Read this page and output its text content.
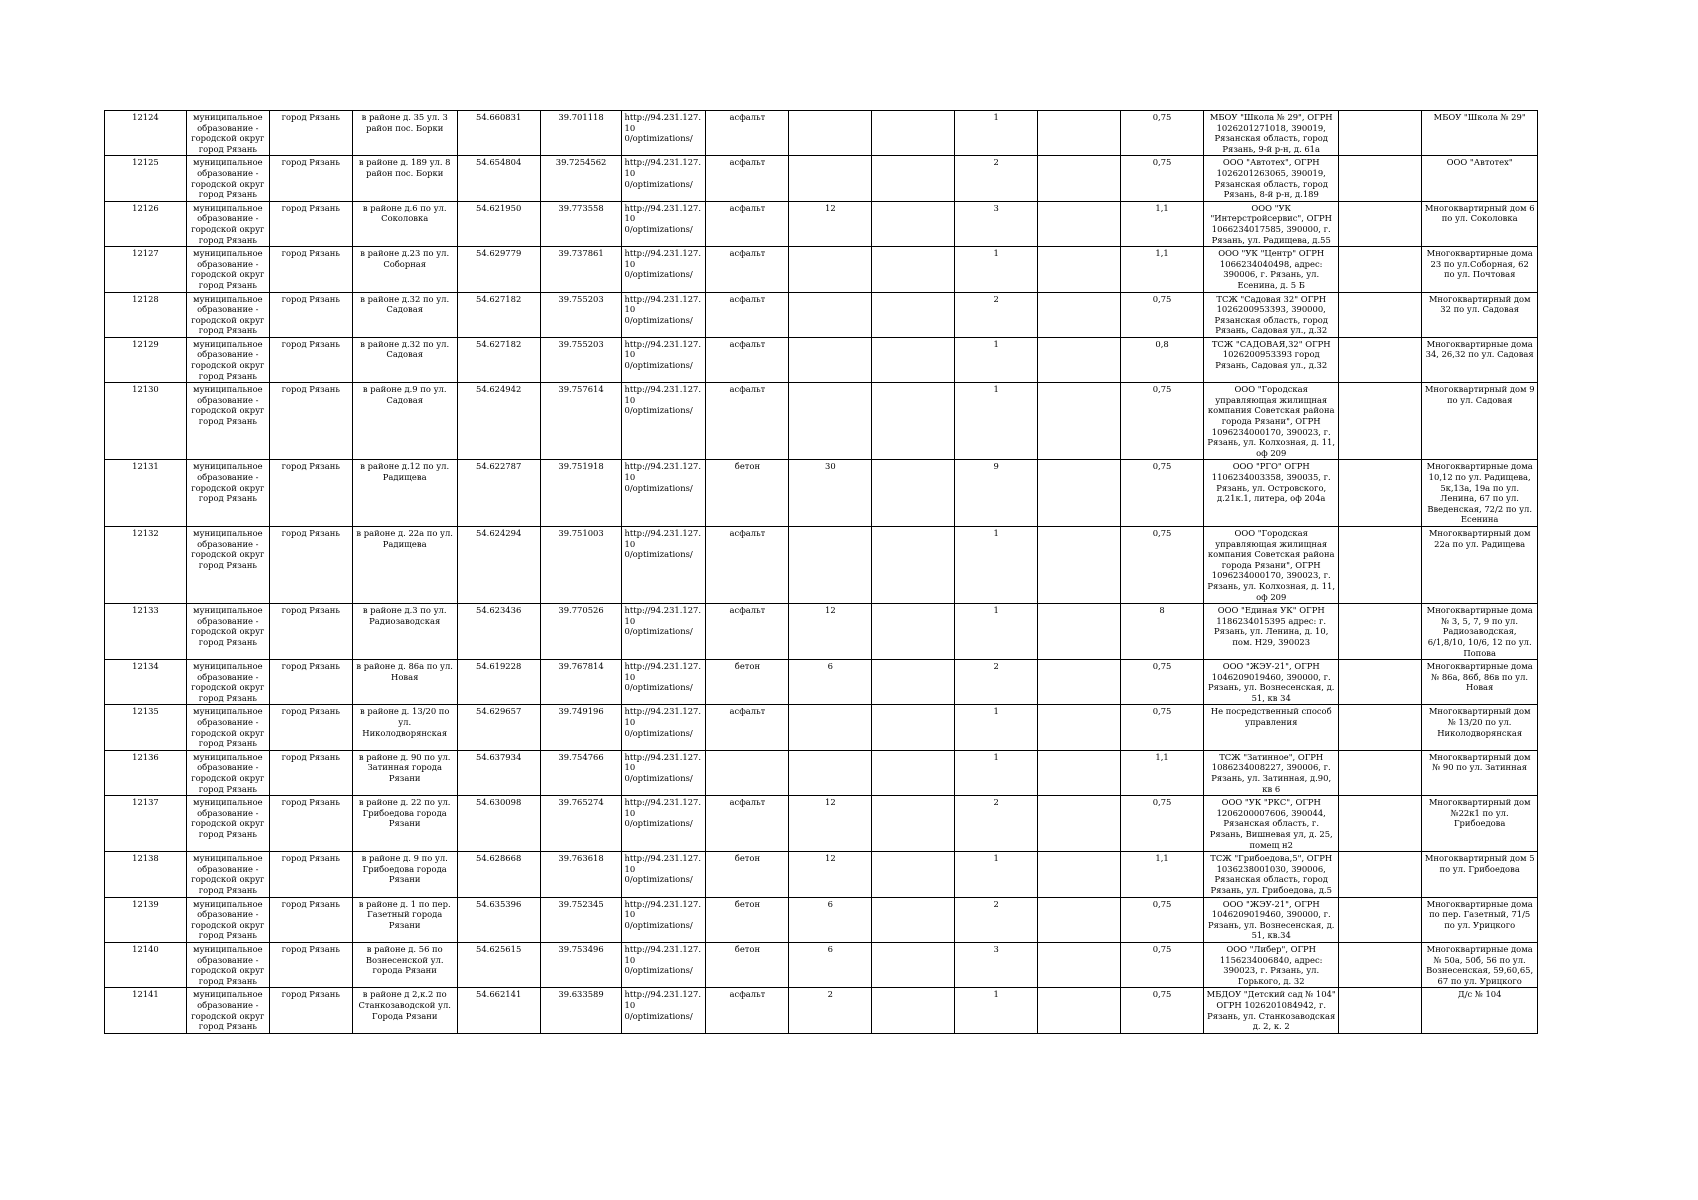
12124	муниципальное образование - городской округ город Рязань	город Рязань	в районе д. 35 ул. 3 район пос. Борки	54.660831	39.701118	http://94.231.127.10 0/optimizations/	асфальт			1		0,75	МБОУ "Школа № 29", ОГРН 1026201271018, 390019, Рязанская область, город Рязань, 9-й р-н, д. 61а		МБОУ "Школа № 29"
12125	муниципальное образование - городской округ город Рязань	город Рязань	в районе д. 189 ул. 8 район пос. Борки	54.654804	39.7254562	http://94.231.127.10 0/optimizations/	асфальт			2		0,75	ООО "Автотех", ОГРН 1026201263065, 390019, Рязанская область, город Рязань, 8-й р-н, д.189		ООО "Автотех"
12126	муниципальное образование - городской округ город Рязань	город Рязань	в районе д.6 по ул. Соколовка	54.621950	39.773558	http://94.231.127.10 0/optimizations/	асфальт	12		3		1,1	ООО "УК "Интерстройсервис", ОГРН 1066234017585, 390000, г. Рязань, ул. Радищева, д.55		Многоквартирный дом 6 по ул. Соколовка
12127	муниципальное образование - городской округ город Рязань	город Рязань	в районе д.23 по ул. Соборная	54.629779	39.737861	http://94.231.127.10 0/optimizations/	асфальт			1		1,1	ООО "УК "Центр" ОГРН 1066234040498, адрес: 390006, г. Рязань, ул. Есенина, д. 5 Б		Многоквартирные дома 23 по ул.Соборная, 62 по ул. Почтовая
12128	муниципальное образование - городской округ город Рязань	город Рязань	в районе д.32 по ул. Садовая	54.627182	39.755203	http://94.231.127.10 0/optimizations/	асфальт			2		0,75	ТСЖ "Садовая 32" ОГРН 1026200953393, 390000, Рязанская область, город Рязань, Садовая ул., д.32		Многоквартирный дом 32 по ул. Садовая
12129	муниципальное образование - городской округ город Рязань	город Рязань	в районе д.32 по ул. Садовая	54.627182	39.755203	http://94.231.127.10 0/optimizations/	асфальт			1		0,8	ТСЖ "САДОВАЯ,32" ОГРН 1026200953393 город Рязань, Садовая ул., д.32		Многоквартирные дома 34, 26,32 по ул. Садовая
12130	муниципальное образование - городской округ город Рязань	город Рязань	в районе д.9 по ул. Садовая	54.624942	39.757614	http://94.231.127.10 0/optimizations/	асфальт			1		0,75	ООО "Городская управляющая жилищная компания Советская района города Рязани", ОГРН 1096234000170, 390023, г. Рязань, ул. Колхозная, д. 11, оф 209		Многоквартирный дом 9 по ул. Садовая
12131	муниципальное образование - городской округ город Рязань	город Рязань	в районе д.12 по ул. Радищева	54.622787	39.751918	http://94.231.127.10 0/optimizations/	бетон	30		9		0,75	ООО "РГО" ОГРН 1106234003358, 390035, г. Рязань, ул. Островского, д.21к.1, литера, оф 204а		Многоквартирные дома 10,12 по ул. Радищева, 5к,13а, 19а по ул. Ленина, 67 по ул. Введенская, 72/2 по ул. Есенина
12132	муниципальное образование - городской округ город Рязань	город Рязань	в районе д. 22а по ул. Радищева	54.624294	39.751003	http://94.231.127.10 0/optimizations/	асфальт			1		0,75	ООО "Городская управляющая жилищная компания Советская района города Рязани", ОГРН 1096234000170, 390023, г. Рязань, ул. Колхозная, д. 11, оф 209		Многоквартирный дом 22а по ул. Радищева
12133	муниципальное образование - городской округ город Рязань	город Рязань	в районе д.3 по ул. Радиозаводская	54.623436	39.770526	http://94.231.127.10 0/optimizations/	асфальт	12		1		8	ООО "Единая УК" ОГРН 1186234015395 адрес: г. Рязань, ул. Ленина, д. 10, пом. Н29, 390023		Многоквартирные дома № 3, 5, 7, 9 по ул. Радиозаводская, 6/1,8/10, 10/6, 12 по ул. Попова
12134	муниципальное образование - городской округ город Рязань	город Рязань	в районе д. 86а по ул. Новая	54.619228	39.767814	http://94.231.127.10 0/optimizations/	бетон	6		2		0,75	ООО "ЖЭУ-21", ОГРН 1046209019460, 390000, г. Рязань, ул. Вознесенская, д. 51, кв 34		Многоквартирные дома № 86а, 86б, 86в по ул. Новая
12135	муниципальное образование - городской округ город Рязань	город Рязань	в районе д. 13/20 по ул. Николодворянская	54.629657	39.749196	http://94.231.127.10 0/optimizations/	асфальт			1		0,75	Не посредственный способ управления		Многоквартирный дом № 13/20 по ул. Николодворянская
12136	муниципальное образование - городской округ город Рязань	город Рязань	в районе д. 90 по ул. Затинная города Рязани	54.637934	39.754766	http://94.231.127.10 0/optimizations/				1		1,1	ТСЖ "Затинное", ОГРН 1086234008227, 390006, г. Рязань, ул. Затинная, д.90, кв 6		Многоквартирный дом № 90 по ул. Затинная
12137	муниципальное образование - городской округ город Рязань	город Рязань	в районе д. 22 по ул. Грибоедова города Рязани	54.630098	39.765274	http://94.231.127.10 0/optimizations/	асфальт	12		2		0,75	ООО "УК "РКС", ОГРН 1206200007606, 390044, Рязанская область, г. Рязань, Вишневая ул, д. 25, помещ н2		Многоквартирный дом №22к1 по ул. Грибоедова
12138	муниципальное образование - городской округ город Рязань	город Рязань	в районе д. 9 по ул. Грибоедова города Рязани	54.628668	39.763618	http://94.231.127.10 0/optimizations/	бетон	12		1		1,1	ТСЖ "Грибоедова,5", ОГРН 1036238001030, 390006, Рязанская область, город Рязань, ул. Грибоедова, д.5		Многоквартирный дом 5 по ул. Грибоедова
12139	муниципальное образование - городской округ город Рязань	город Рязань	в районе д. 1 по пер. Газетный города Рязани	54.635396	39.752345	http://94.231.127.10 0/optimizations/	бетон	6		2		0,75	ООО "ЖЭУ-21", ОГРН 1046209019460, 390000, г. Рязань, ул. Вознесенская, д. 51, кв.34		Многоквартирные дома по пер. Газетный, 71/5 по ул. Урицкого
12140	муниципальное образование - городской округ город Рязань	город Рязань	в районе д. 56 по Вознесенской ул. города Рязани	54.625615	39.753496	http://94.231.127.10 0/optimizations/	бетон	6		3		0,75	ООО "Либер", ОГРН 1156234006840, адрес: 390023, г. Рязань, ул. Горького, д. 32		Многоквартирные дома № 50а, 50б, 56 по ул. Вознесенская, 59,60,65, 67 по ул. Урицкого
12141	муниципальное образование - городской округ город Рязань	город Рязань	в районе д 2,к.2 по Станкозаводской ул. Города Рязани	54.662141	39.633589	http://94.231.127.10 0/optimizations/	асфальт	2		1		0,75	МБДОУ "Детский сад № 104" ОГРН 1026201084942, г. Рязань, ул. Станкозаводская д. 2, к. 2		Д/с № 104
